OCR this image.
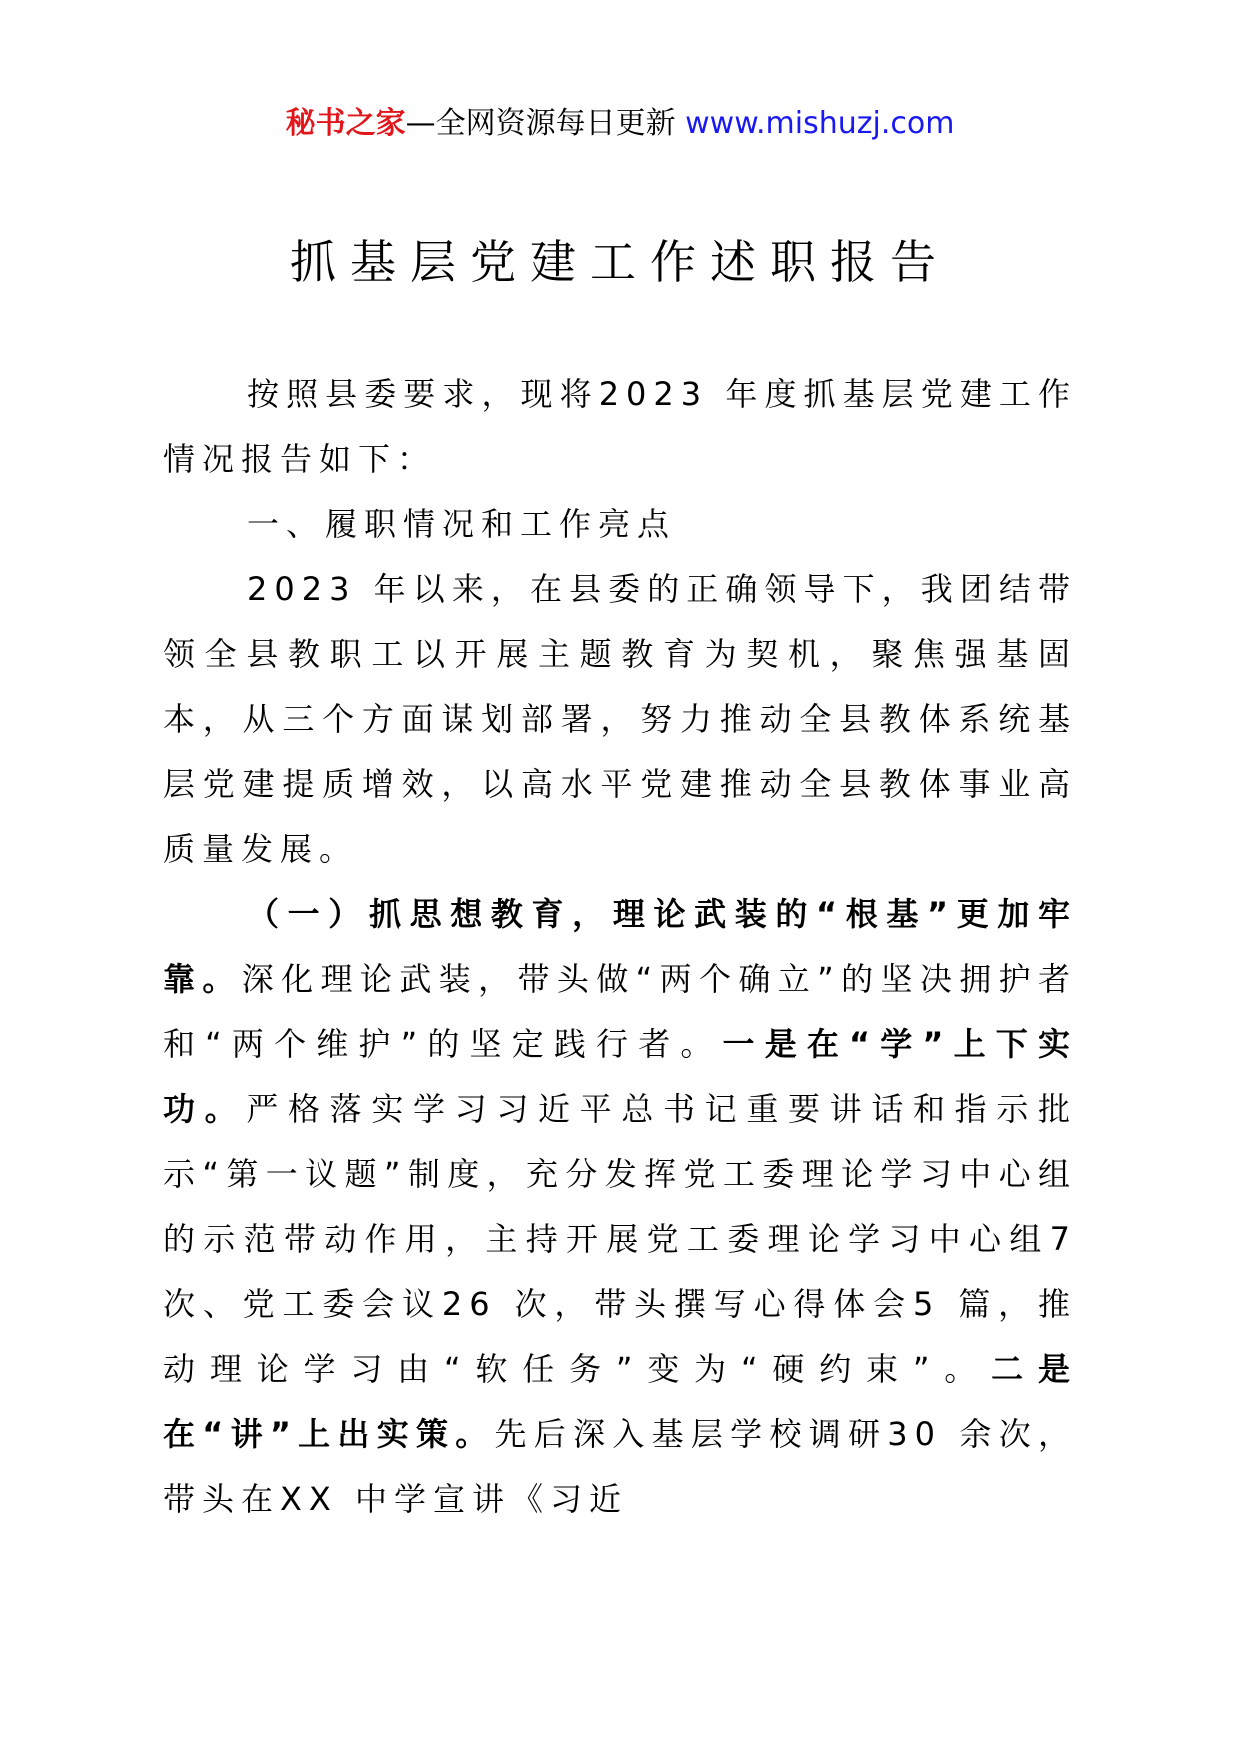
秘书之家—全网资源每日更新 www.mishuzj.com
抓基层党建工作述职报告

按照县委要求，现将2023 年度抓基层党建工作情况报告如下：

一、履职情况和工作亮点

2023 年以来，在县委的正确领导下，我团结带领全县教职工以开展主题教育为契机，聚焦强基固本，从三个方面谋划部署，努力推动全县教体系统基层党建提质增效，以高水平党建推动全县教体事业高质量发展。

（一）抓思想教育，理论武装的“根基”更加牢靠。深化理论武装，带头做“两个确立”的坚决拥护者和“两个维护”的坚定践行者。一是在“学”上下实功。严格落实学习习近平总书记重要讲话和指示批示“第一议题”制度，充分发挥党工委理论学习中心组的示范带动作用，主持开展党工委理论学习中心组7 次、党工委会议26 次，带头撰写心得体会5 篇，推动理论学习由“软任务”变为“硬约束”。二是在“讲”上出实策。先后深入基层学校调研30 余次，带头在XX 中学宣讲《习近
